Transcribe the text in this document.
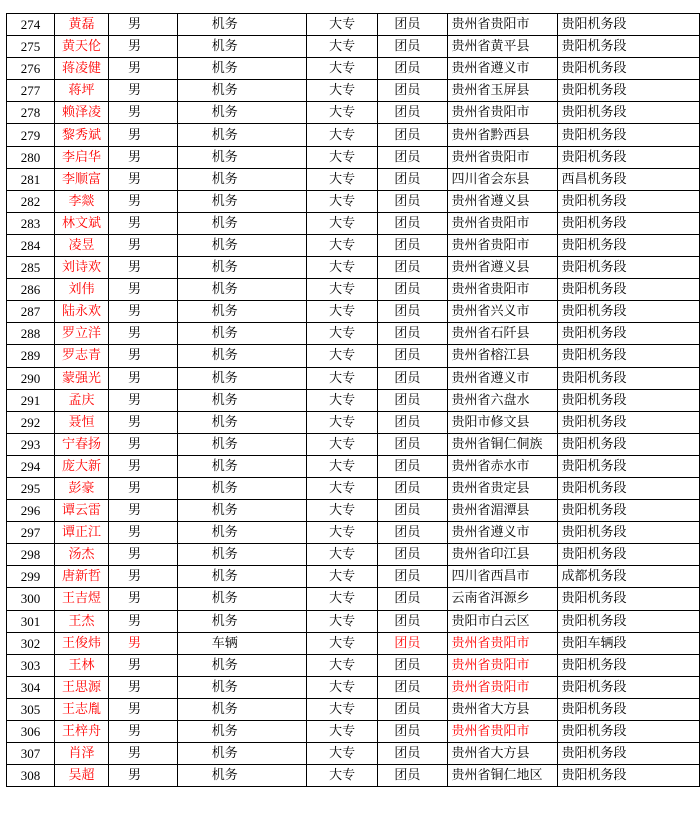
274	黄磊	男	机务	大专	团员	贵州省贵阳市	贵阳机务段
275	黄天伦	男	机务	大专	团员	贵州省黄平县	贵阳机务段
276	蒋凌健	男	机务	大专	团员	贵州省遵义市	贵阳机务段
277	蒋坪	男	机务	大专	团员	贵州省玉屏县	贵阳机务段
278	赖泽凌	男	机务	大专	团员	贵州省贵阳市	贵阳机务段
279	黎秀斌	男	机务	大专	团员	贵州省黔西县	贵阳机务段
280	李启华	男	机务	大专	团员	贵州省贵阳市	贵阳机务段
281	李顺富	男	机务	大专	团员	四川省会东县	西昌机务段
282	李燚	男	机务	大专	团员	贵州省遵义县	贵阳机务段
283	林文斌	男	机务	大专	团员	贵州省贵阳市	贵阳机务段
284	凌昱	男	机务	大专	团员	贵州省贵阳市	贵阳机务段
285	刘诗欢	男	机务	大专	团员	贵州省遵义县	贵阳机务段
286	刘伟	男	机务	大专	团员	贵州省贵阳市	贵阳机务段
287	陆永欢	男	机务	大专	团员	贵州省兴义市	贵阳机务段
288	罗立洋	男	机务	大专	团员	贵州省石阡县	贵阳机务段
289	罗志青	男	机务	大专	团员	贵州省榕江县	贵阳机务段
290	蒙强光	男	机务	大专	团员	贵州省遵义市	贵阳机务段
291	孟庆	男	机务	大专	团员	贵州省六盘水	贵阳机务段
292	聂恒	男	机务	大专	团员	贵阳市修文县	贵阳机务段
293	宁春扬	男	机务	大专	团员	贵州省铜仁侗族	贵阳机务段
294	庞大新	男	机务	大专	团员	贵州省赤水市	贵阳机务段
295	彭豪	男	机务	大专	团员	贵州省贵定县	贵阳机务段
296	谭云雷	男	机务	大专	团员	贵州省湄潭县	贵阳机务段
297	谭正江	男	机务	大专	团员	贵州省遵义市	贵阳机务段
298	汤杰	男	机务	大专	团员	贵州省印江县	贵阳机务段
299	唐新哲	男	机务	大专	团员	四川省西昌市	成都机务段
300	王吉煜	男	机务	大专	团员	云南省洱源乡	贵阳机务段
301	王杰	男	机务	大专	团员	贵阳市白云区	贵阳机务段
302	王俊炜	男	车辆	大专	团员	贵州省贵阳市	贵阳车辆段
303	王林	男	机务	大专	团员	贵州省贵阳市	贵阳机务段
304	王思源	男	机务	大专	团员	贵州省贵阳市	贵阳机务段
305	王志胤	男	机务	大专	团员	贵州省大方县	贵阳机务段
306	王梓舟	男	机务	大专	团员	贵州省贵阳市	贵阳机务段
307	肖泽	男	机务	大专	团员	贵州省大方县	贵阳机务段
308	吴超	男	机务	大专	团员	贵州省铜仁地区	贵阳机务段
